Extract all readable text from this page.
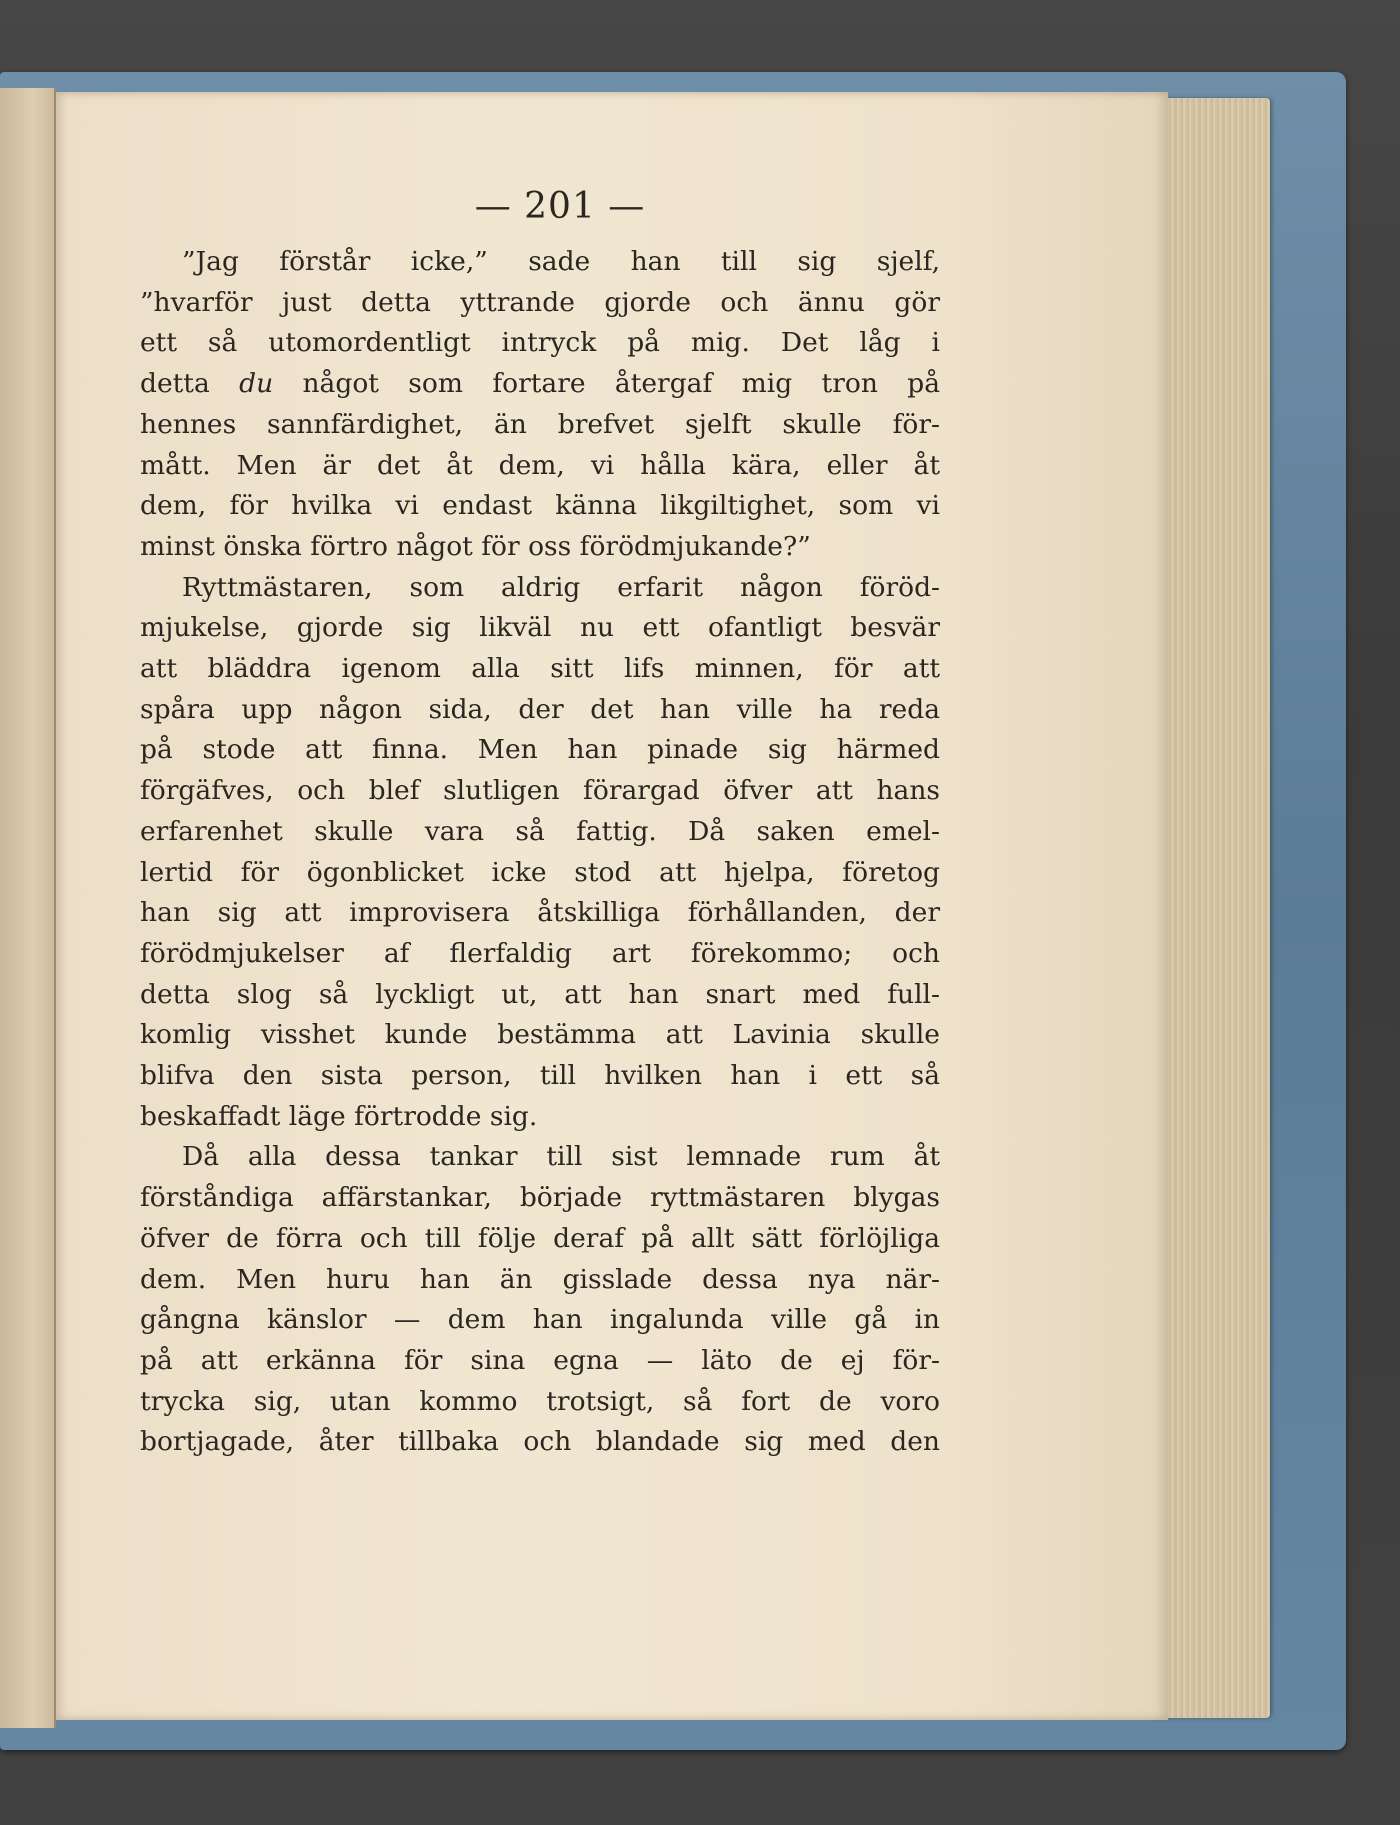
— 201 —

”Jag förstår icke,” sade han till sig sjelf,
”hvarför just detta yttrande gjorde och ännu gör
ett så utomordentligt intryck på mig. Det låg i
detta du något som fortare återgaf mig tron på
hennes sannfärdighet, än brefvet sjelft skulle för-
mått. Men är det åt dem, vi hålla kära, eller åt
dem, för hvilka vi endast känna likgiltighet, som vi
minst önska förtro något för oss förödmjukande?”

Ryttmästaren, som aldrig erfarit någon föröd-
mjukelse, gjorde sig likväl nu ett ofantligt besvär
att bläddra igenom alla sitt lifs minnen, för att
spåra upp någon sida, der det han ville ha reda
på stode att finna. Men han pinade sig härmed
förgäfves, och blef slutligen förargad öfver att hans
erfarenhet skulle vara så fattig. Då saken emel-
lertid för ögonblicket icke stod att hjelpa, företog
han sig att improvisera åtskilliga förhållanden, der
förödmjukelser af flerfaldig art förekommo; och
detta slog så lyckligt ut, att han snart med full-
komlig visshet kunde bestämma att Lavinia skulle
blifva den sista person, till hvilken han i ett så
beskaffadt läge förtrodde sig.

Då alla dessa tankar till sist lemnade rum åt
förståndiga affärstankar, började ryttmästaren blygas
öfver de förra och till följe deraf på allt sätt förlöjliga
dem. Men huru han än gisslade dessa nya när-
gångna känslor — dem han ingalunda ville gå in
på att erkänna för sina egna — läto de ej för-
trycka sig, utan kommo trotsigt, så fort de voro
bortjagade, åter tillbaka och blandade sig med den
